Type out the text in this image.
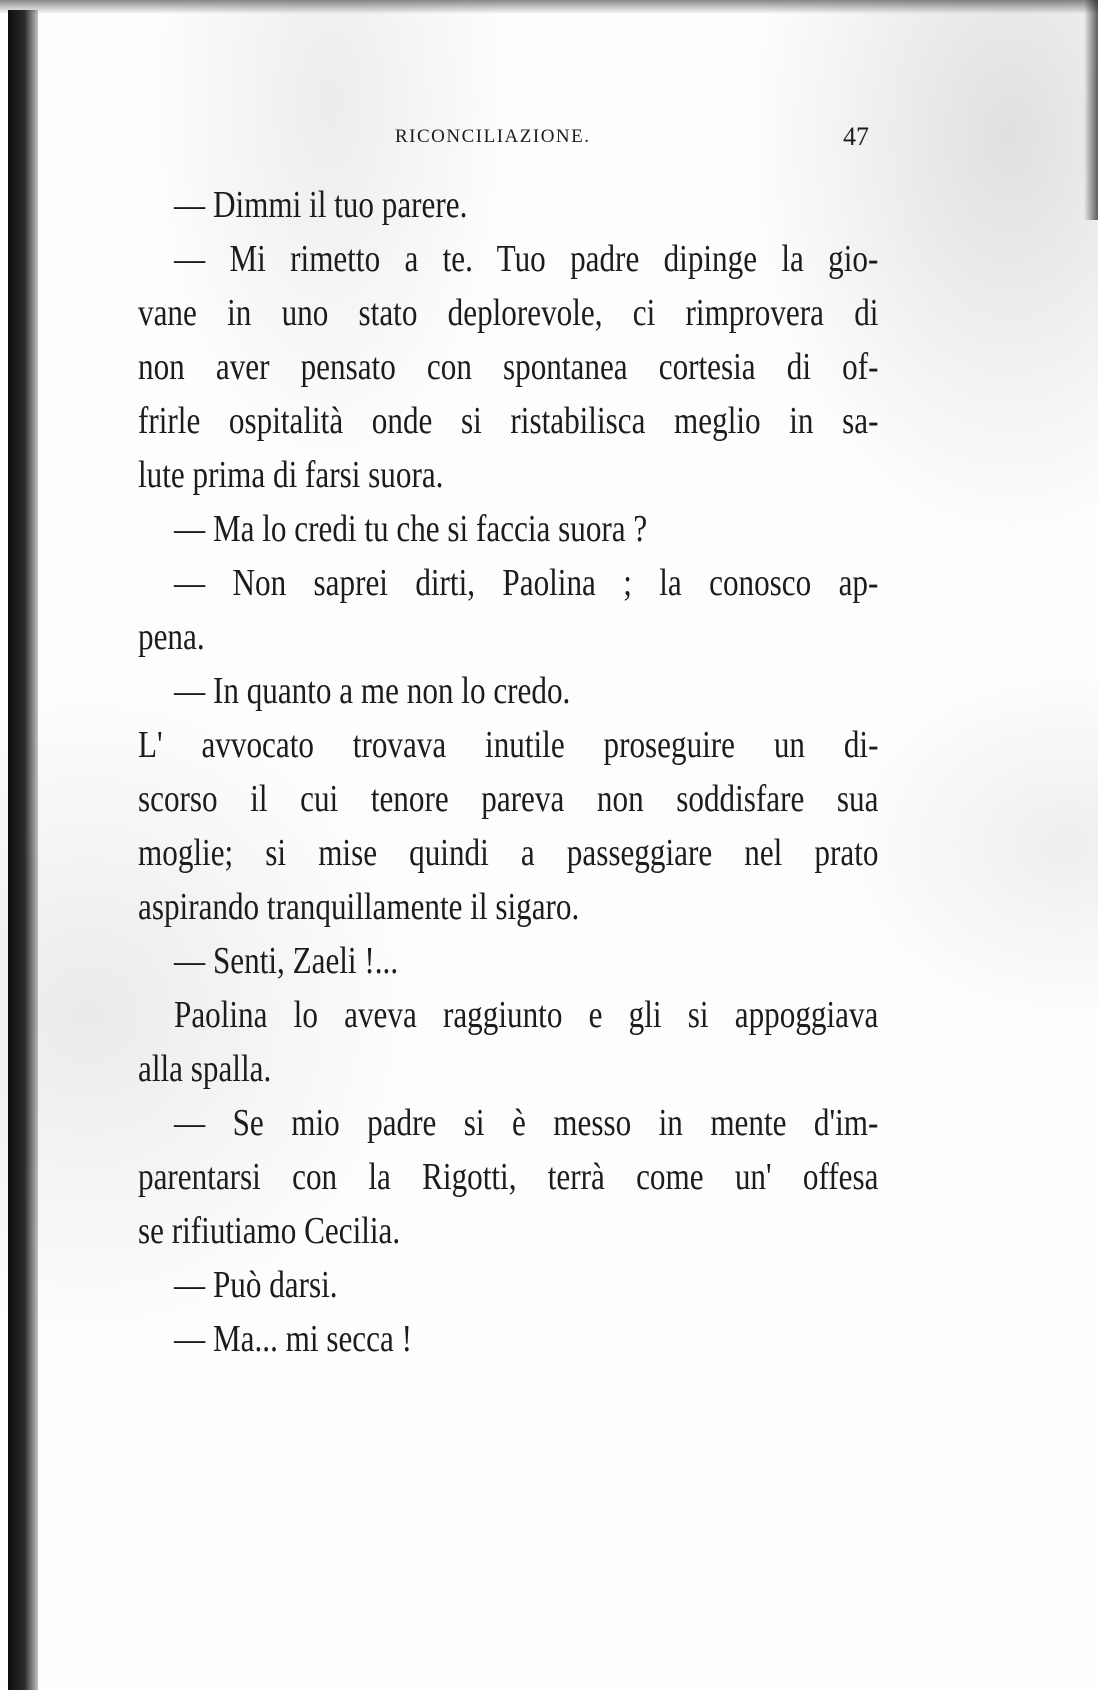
RICONCILIAZIONE.	47
— Dimmi il tuo parere.
— Mi rimetto a te. Tuo padre dipinge la gio-
vane in uno stato deplorevole, ci rimprovera di
non aver pensato con spontanea cortesia di of-
frirle ospitalità onde si ristabilisca meglio in sa-
lute prima di farsi suora.
— Ma lo credi tu che si faccia suora ?
— Non saprei dirti, Paolina ; la conosco ap-
pena.
— In quanto a me non lo credo.
L' avvocato trovava inutile proseguire un di-
scorso il cui tenore pareva non soddisfare sua
moglie; si mise quindi a passeggiare nel prato
aspirando tranquillamente il sigaro.
— Senti, Zaeli !...
Paolina lo aveva raggiunto e gli si appoggiava
alla spalla.
— Se mio padre si è messo in mente d'im-
parentarsi con la Rigotti, terrà come un' offesa
se rifiutiamo Cecilia.
— Può darsi.
— Ma... mi secca !
